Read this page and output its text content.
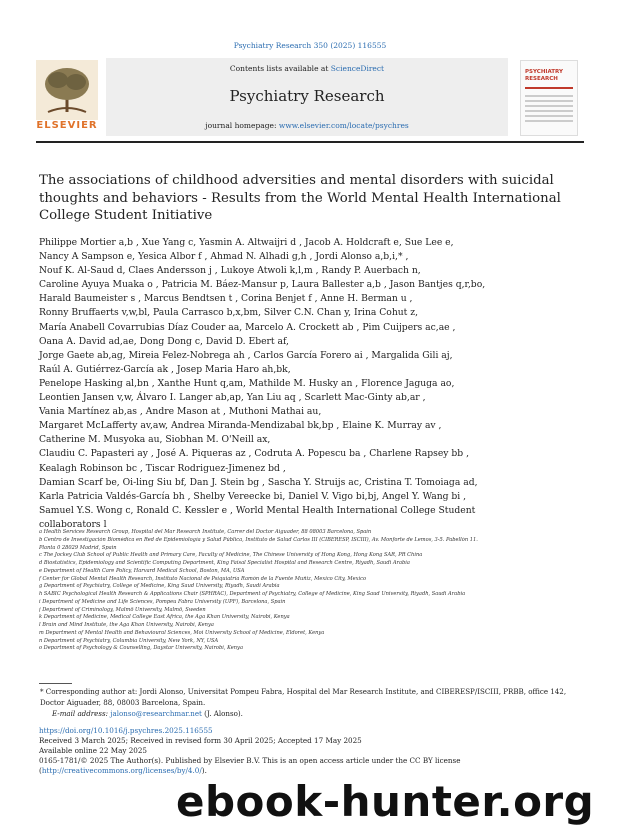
Psychiatry Research 350 (2025) 116555
ELSEVIER
Contents lists available at ScienceDirect
Psychiatry Research
journal homepage: www.elsevier.com/locate/psychres
PSYCHIATRY
RESEARCH
The associations of childhood adversities and mental disorders with suicidal thoughts and behaviors - Results from the World Mental Health International College Student Initiative
Philippe Mortier a,b , Xue Yang c, Yasmin A. Altwaijri d , Jacob A. Holdcraft e, Sue Lee e,
Nancy A Sampson e, Yesica Albor f , Ahmad N. Alhadi g,h , Jordi Alonso a,b,i,* ,
Nouf K. Al-Saud d, Claes Andersson j , Lukoye Atwoli k,l,m , Randy P. Auerbach n,
Caroline Ayuya Muaka o , Patricia M. Báez-Mansur p, Laura Ballester a,b , Jason Bantjes q,r,bo,
Harald Baumeister s , Marcus Bendtsen t , Corina Benjet f , Anne H. Berman u ,
Ronny Bruffaerts v,w,bl, Paula Carrasco b,x,bm, Silver C.N. Chan y, Irina Cohut z,
María Anabell Covarrubias Díaz Couder aa, Marcelo A. Crockett ab , Pim Cuijpers ac,ae ,
Oana A. David ad,ae, Dong Dong c, David D. Ebert af,
Jorge Gaete ab,ag, Mireia Felez-Nobrega ah , Carlos García Forero ai , Margalida Gili aj,
Raúl A. Gutiérrez-García ak , Josep Maria Haro ah,bk,
Penelope Hasking al,bn , Xanthe Hunt q,am, Mathilde M. Husky an , Florence Jaguga ao,
Leontien Jansen v,w, Álvaro I. Langer ab,ap, Yan Liu aq , Scarlett Mac-Ginty ab,ar ,
Vania Martínez ab,as , Andre Mason at , Muthoni Mathai au,
Margaret McLafferty av,aw, Andrea Miranda-Mendizabal bk,bp , Elaine K. Murray av ,
Catherine M. Musyoka au, Siobhan M. O'Neill ax,
Claudiu C. Papasteri ay , José A. Piqueras az , Codruta A. Popescu ba , Charlene Rapsey bb ,
Kealagh Robinson bc , Tiscar Rodriguez-Jimenez bd ,
Damian Scarf be, Oi-ling Siu bf, Dan J. Stein bg , Sascha Y. Struijs ac, Cristina T. Tomoiaga ad,
Karla Patricia Valdés-García bh , Shelby Vereecke bi, Daniel V. Vigo bi,bj, Angel Y. Wang bi ,
Samuel Y.S. Wong c, Ronald C. Kessler e , World Mental Health International College Student
collaborators l
a Health Services Research Group, Hospital del Mar Research Institute, Carrer del Doctor Aiguader, 88 08003 Barcelona, Spain
b Centro de Investigación Biomédica en Red de Epidemiología y Salud Pública, Instituto de Salud Carlos III (CIBERESP, ISCIII), Av. Monforte de Lemos, 3-5. Pabellón 11.
Planta 0 28029 Madrid, Spain
c The Jockey Club School of Public Health and Primary Care, Faculty of Medicine, The Chinese University of Hong Kong, Hong Kong SAR, PR China
d Biostatistics, Epidemiology and Scientific Computing Department, King Faisal Specialist Hospital and Research Centre, Riyadh, Saudi Arabia
e Department of Health Care Policy, Harvard Medical School, Boston, MA, USA
f Center for Global Mental Health Research, Instituto Nacional de Psiquiatría Ramón de la Fuente Muñiz, Mexico City, Mexico
g Department of Psychiatry, College of Medicine, King Saud University, Riyadh, Saudi Arabia
h SABIC Psychological Health Research & Applications Chair (SPHRAC), Department of Psychiatry, College of Medicine, King Saud University, Riyadh, Saudi Arabia
i Department of Medicine and Life Sciences, Pompeu Fabra University (UPF), Barcelona, Spain
j Department of Criminology, Malmö University, Malmö, Sweden
k Department of Medicine, Medical College East Africa, the Aga Khan University, Nairobi, Kenya
l Brain and Mind Institute, the Aga Khan University, Nairobi, Kenya
m Department of Mental Health and Behavioural Sciences, Moi University School of Medicine, Eldoret, Kenya
n Department of Psychiatry, Columbia University, New York, NY, USA
o Department of Psychology & Counselling, Daystar University, Nairobi, Kenya
* Corresponding author at: Jordi Alonso, Universitat Pompeu Fabra, Hospital del Mar Research Institute, and CIBERESP/ISCIII, PRBB, office 142, Doctor Aiguader, 88, 08003 Barcelona, Spain.
E-mail address: jalonso@researchmar.net (J. Alonso).
https://doi.org/10.1016/j.psychres.2025.116555
Received 3 March 2025; Received in revised form 30 April 2025; Accepted 17 May 2025
Available online 22 May 2025
0165-1781/© 2025 The Author(s). Published by Elsevier B.V. This is an open access article under the CC BY license (http://creativecommons.org/licenses/by/4.0/).
ebook-hunter.org
